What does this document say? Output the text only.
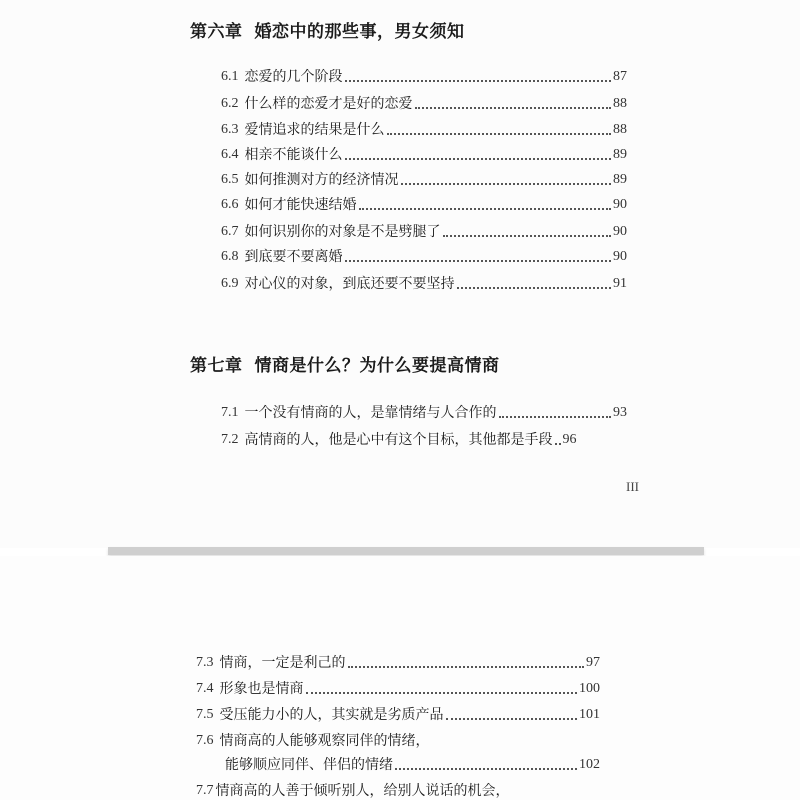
第六章 婚恋中的那些事，男女须知
6.1 恋爱的几个阶段	87
6.2 什么样的恋爱才是好的恋爱	88
6.3 爱情追求的结果是什么	88
6.4 相亲不能谈什么	89
6.5 如何推测对方的经济情况	89
6.6 如何才能快速结婚	90
6.7 如何识别你的对象是不是劈腿了	90
6.8 到底要不要离婚	90
6.9 对心仪的对象，到底还要不要坚持	91
第七章 情商是什么？为什么要提高情商
7.1 一个没有情商的人，是靠情绪与人合作的	93
7.2 高情商的人，他是心中有这个目标，其他都是手段 96
III
7.3 情商，一定是利己的	97
7.4 形象也是情商	100
7.5 受压能力小的人，其实就是劣质产品	101
7.6 情商高的人能够观察同伴的情绪，
能够顺应同伴、伴侣的情绪	102
7.7 情商高的人善于倾听别人，给别人说话的机会，
